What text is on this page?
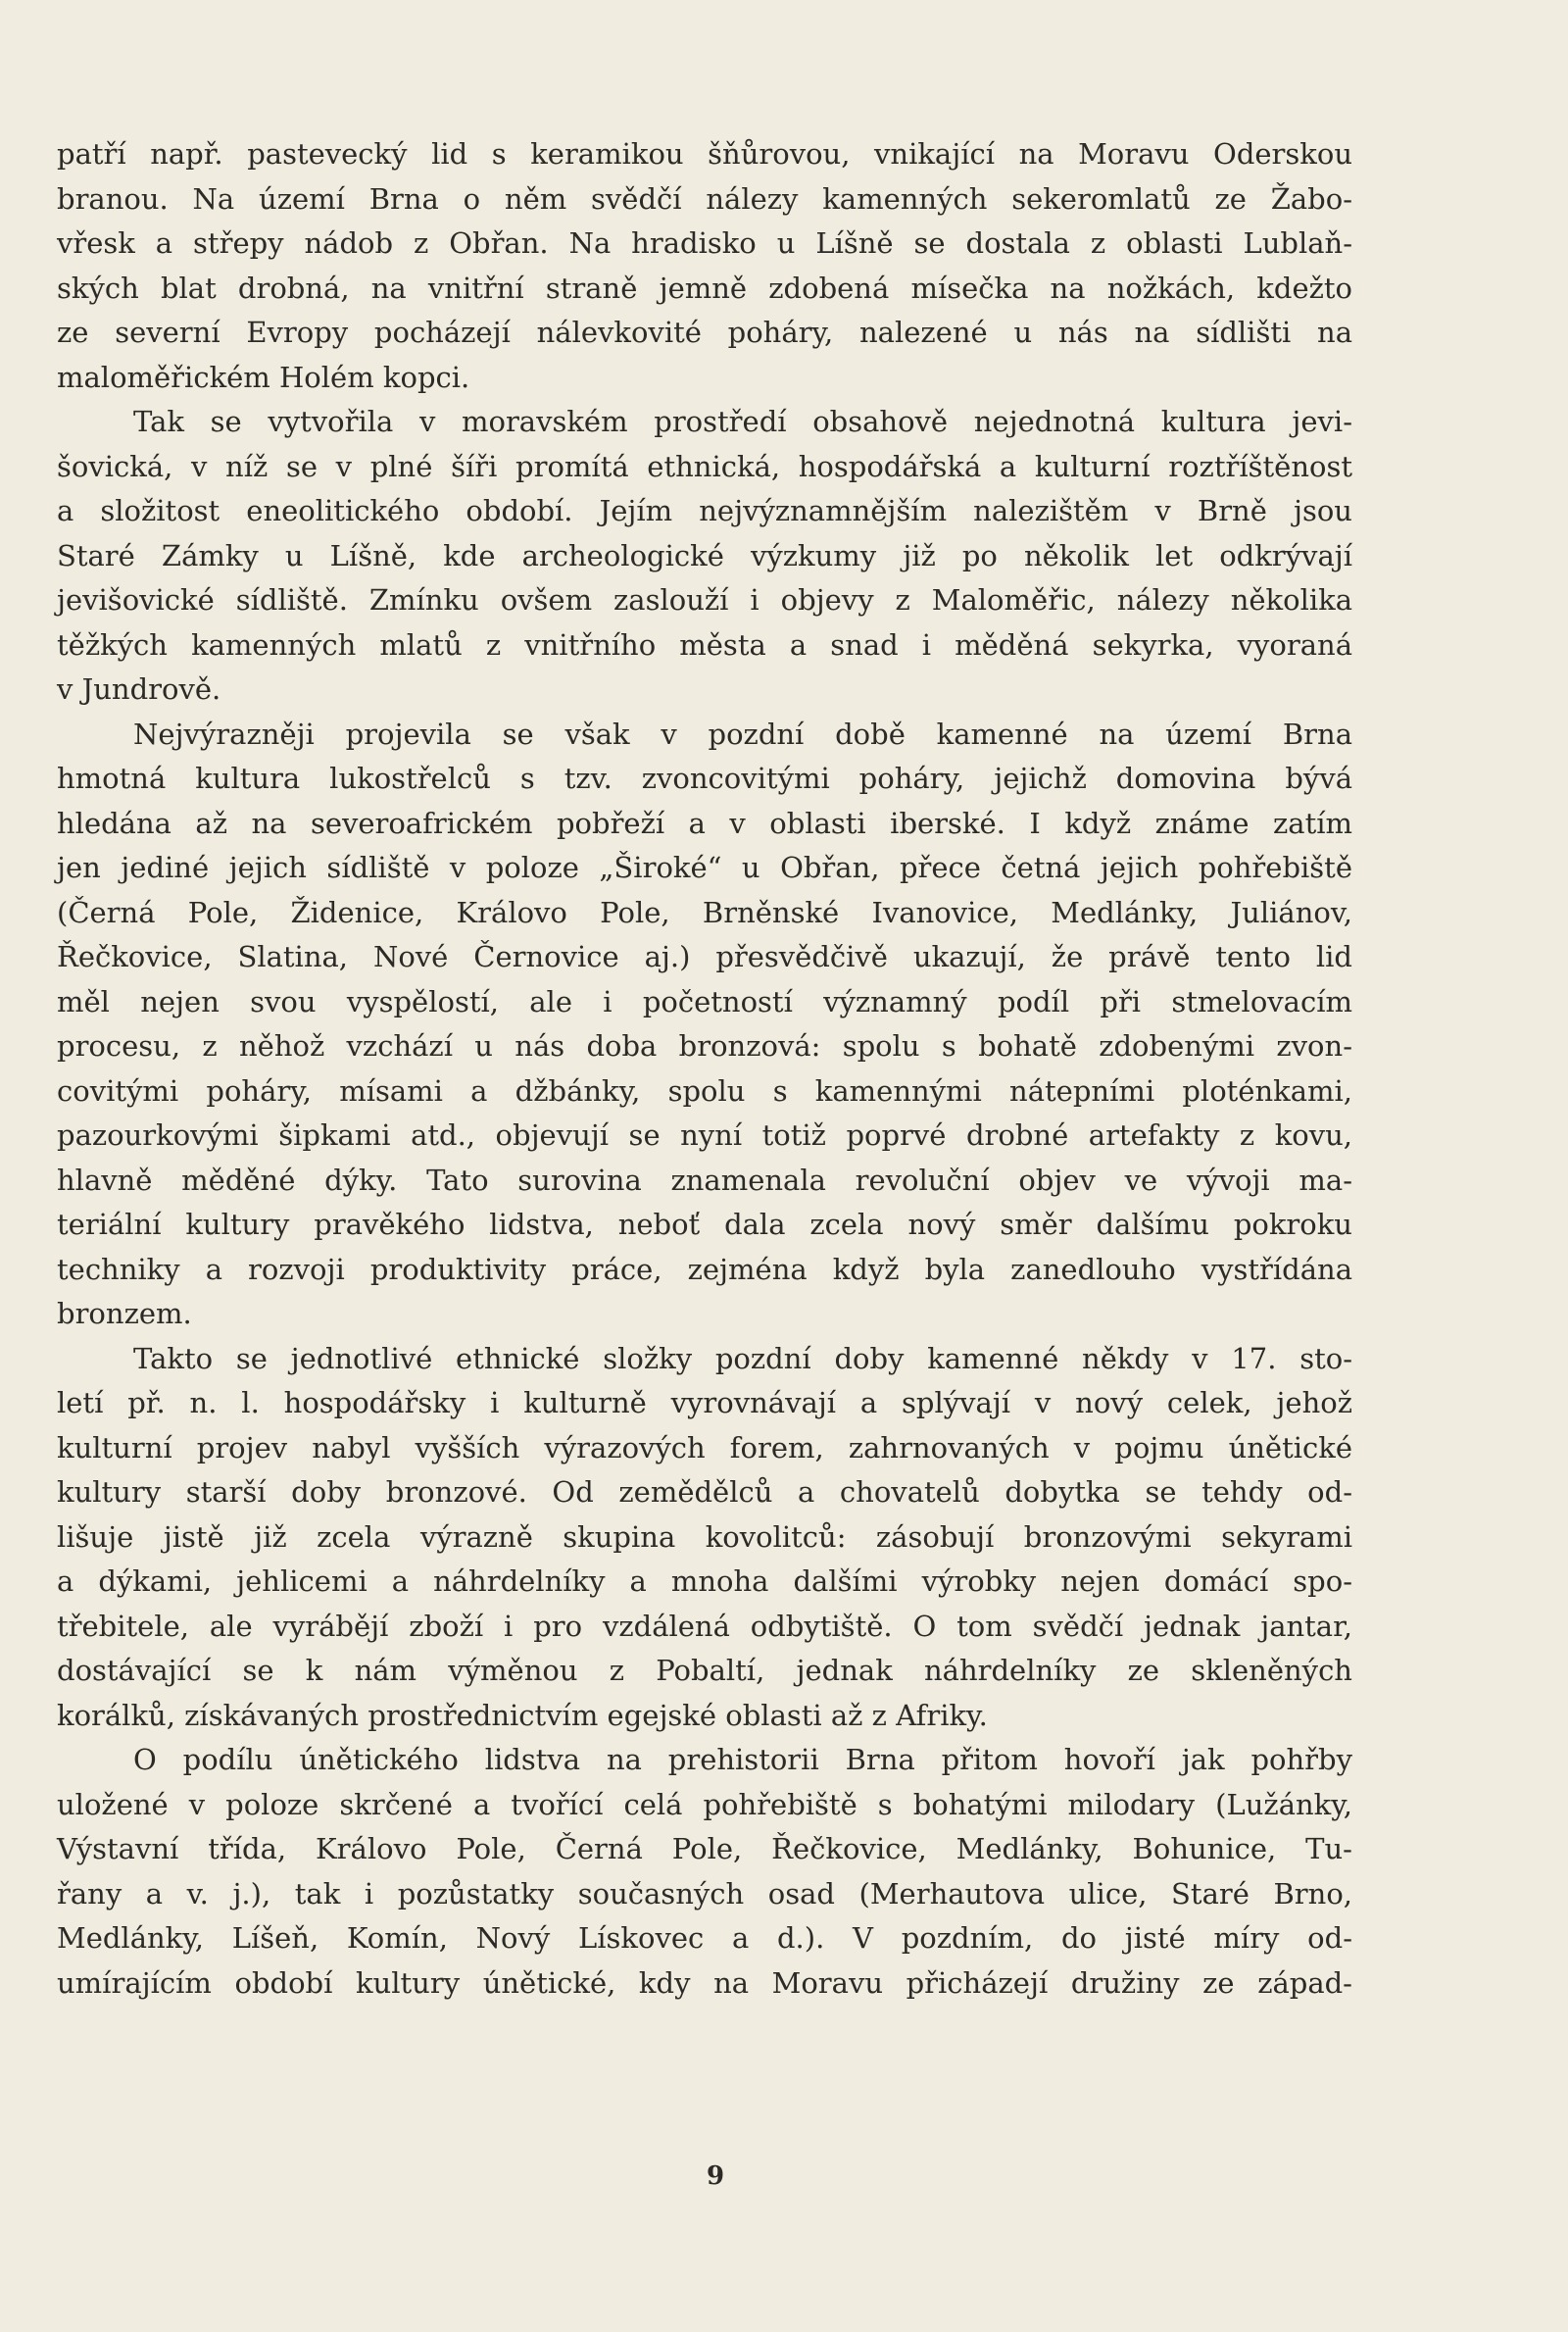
patří např. pastevecký lid s keramikou šňůrovou, vnikající na Moravu Oderskou
branou. Na území Brna o něm svědčí nálezy kamenných sekeromlatů ze Žabo-
vřesk a střepy nádob z Obřan. Na hradisko u Líšně se dostala z oblasti Lublaň-
ských blat drobná, na vnitřní straně jemně zdobená mísečka na nožkách, kdežto
ze severní Evropy pocházejí nálevkovité poháry, nalezené u nás na sídlišti na
maloměřickém Holém kopci.
Tak se vytvořila v moravském prostředí obsahově nejednotná kultura jevi-
šovická, v níž se v plné šíři promítá ethnická, hospodářská a kulturní roztříštěnost
a složitost eneolitického období. Jejím nejvýznamnějším nalezištěm v Brně jsou
Staré Zámky u Líšně, kde archeologické výzkumy již po několik let odkrývají
jevišovické sídliště. Zmínku ovšem zaslouží i objevy z Maloměřic, nálezy několika
těžkých kamenných mlatů z vnitřního města a snad i měděná sekyrka, vyoraná
v Jundrově.
Nejvýrazněji projevila se však v pozdní době kamenné na území Brna
hmotná kultura lukostřelců s tzv. zvoncovitými poháry, jejichž domovina bývá
hledána až na severoafrickém pobřeží a v oblasti iberské. I když známe zatím
jen jediné jejich sídliště v poloze „Široké“ u Obřan, přece četná jejich pohřebiště
(Černá Pole, Židenice, Královo Pole, Brněnské Ivanovice, Medlánky, Juliánov,
Řečkovice, Slatina, Nové Černovice aj.) přesvědčivě ukazují, že právě tento lid
měl nejen svou vyspělostí, ale i početností významný podíl při stmelovacím
procesu, z něhož vzchází u nás doba bronzová: spolu s bohatě zdobenými zvon-
covitými poháry, mísami a džbánky, spolu s kamennými nátepními ploténkami,
pazourkovými šipkami atd., objevují se nyní totiž poprvé drobné artefakty z kovu,
hlavně měděné dýky. Tato surovina znamenala revoluční objev ve vývoji ma-
teriální kultury pravěkého lidstva, neboť dala zcela nový směr dalšímu pokroku
techniky a rozvoji produktivity práce, zejména když byla zanedlouho vystřídána
bronzem.
Takto se jednotlivé ethnické složky pozdní doby kamenné někdy v 17. sto-
letí př. n. l. hospodářsky i kulturně vyrovnávají a splývají v nový celek, jehož
kulturní projev nabyl vyšších výrazových forem, zahrnovaných v pojmu únětické
kultury starší doby bronzové. Od zemědělců a chovatelů dobytka se tehdy od-
lišuje jistě již zcela výrazně skupina kovolitců: zásobují bronzovými sekyrami
a dýkami, jehlicemi a náhrdelníky a mnoha dalšími výrobky nejen domácí spo-
třebitele, ale vyrábějí zboží i pro vzdálená odbytiště. O tom svědčí jednak jantar,
dostávající se k nám výměnou z Pobaltí, jednak náhrdelníky ze skleněných
korálků, získávaných prostřednictvím egejské oblasti až z Afriky.
O podílu únětického lidstva na prehistorii Brna přitom hovoří jak pohřby
uložené v poloze skrčené a tvořící celá pohřebiště s bohatými milodary (Lužánky,
Výstavní třída, Královo Pole, Černá Pole, Řečkovice, Medlánky, Bohunice, Tu-
řany a v. j.), tak i pozůstatky současných osad (Merhautova ulice, Staré Brno,
Medlánky, Líšeň, Komín, Nový Lískovec a d.). V pozdním, do jisté míry od-
umírajícím období kultury únětické, kdy na Moravu přicházejí družiny ze západ-
9
